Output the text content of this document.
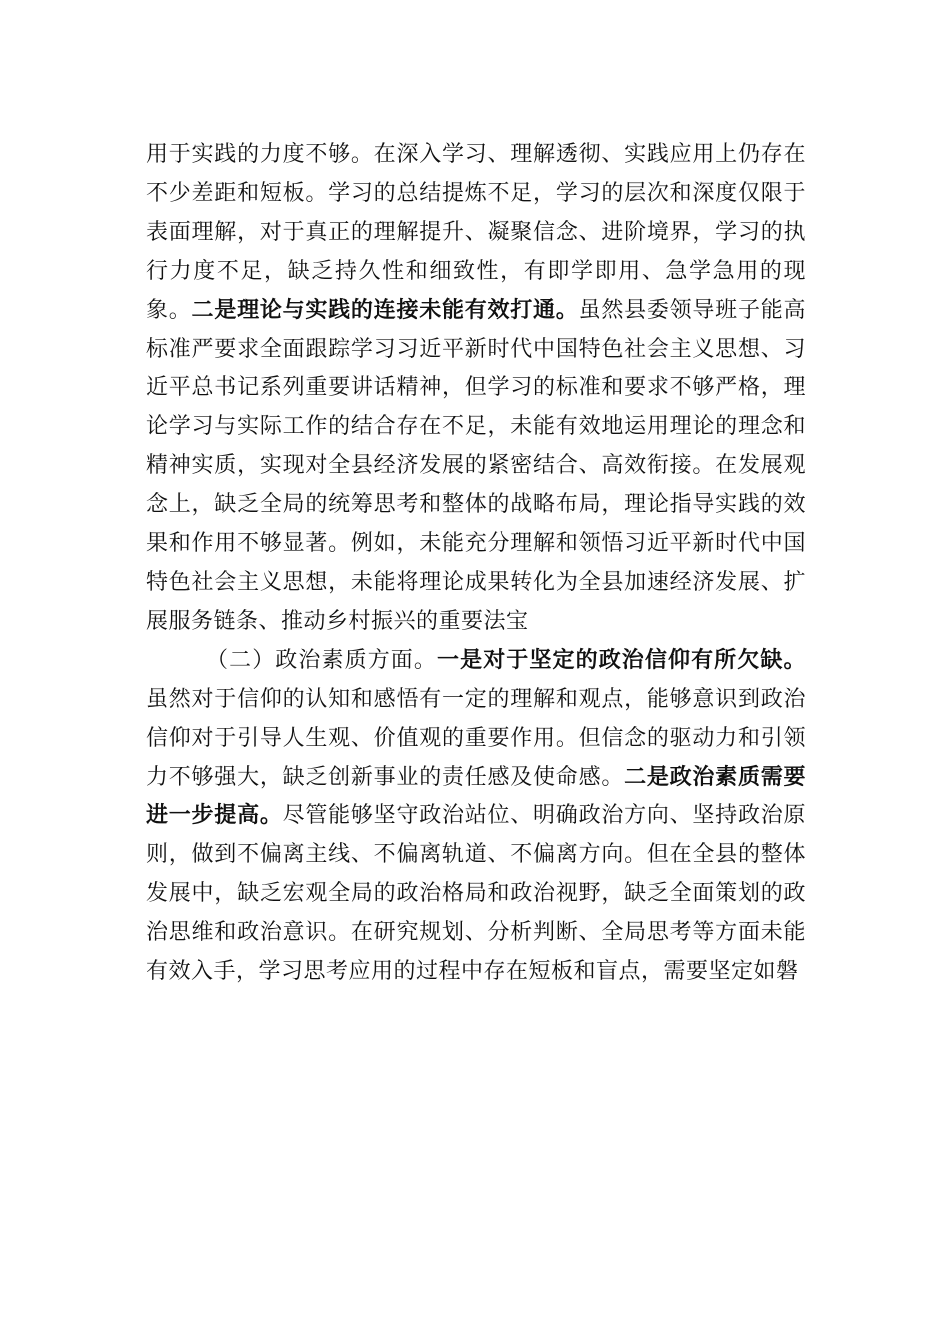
用于实践的力度不够。在深入学习、理解透彻、实践应用上仍存在不少差距和短板。学习的总结提炼不足，学习的层次和深度仅限于表面理解，对于真正的理解提升、凝聚信念、进阶境界，学习的执行力度不足，缺乏持久性和细致性，有即学即用、急学急用的现象。二是理论与实践的连接未能有效打通。虽然县委领导班子能高标准严要求全面跟踪学习习近平新时代中国特色社会主义思想、习近平总书记系列重要讲话精神，但学习的标准和要求不够严格，理论学习与实际工作的结合存在不足，未能有效地运用理论的理念和精神实质，实现对全县经济发展的紧密结合、高效衔接。在发展观念上，缺乏全局的统筹思考和整体的战略布局，理论指导实践的效果和作用不够显著。例如，未能充分理解和领悟习近平新时代中国特色社会主义思想，未能将理论成果转化为全县加速经济发展、扩展服务链条、推动乡村振兴的重要法宝

（二）政治素质方面。一是对于坚定的政治信仰有所欠缺。虽然对于信仰的认知和感悟有一定的理解和观点，能够意识到政治信仰对于引导人生观、价值观的重要作用。但信念的驱动力和引领力不够强大，缺乏创新事业的责任感及使命感。二是政治素质需要进一步提高。尽管能够坚守政治站位、明确政治方向、坚持政治原则，做到不偏离主线、不偏离轨道、不偏离方向。但在全县的整体发展中，缺乏宏观全局的政治格局和政治视野，缺乏全面策划的政治思维和政治意识。在研究规划、分析判断、全局思考等方面未能有效入手，学习思考应用的过程中存在短板和盲点，需要坚定如磐
